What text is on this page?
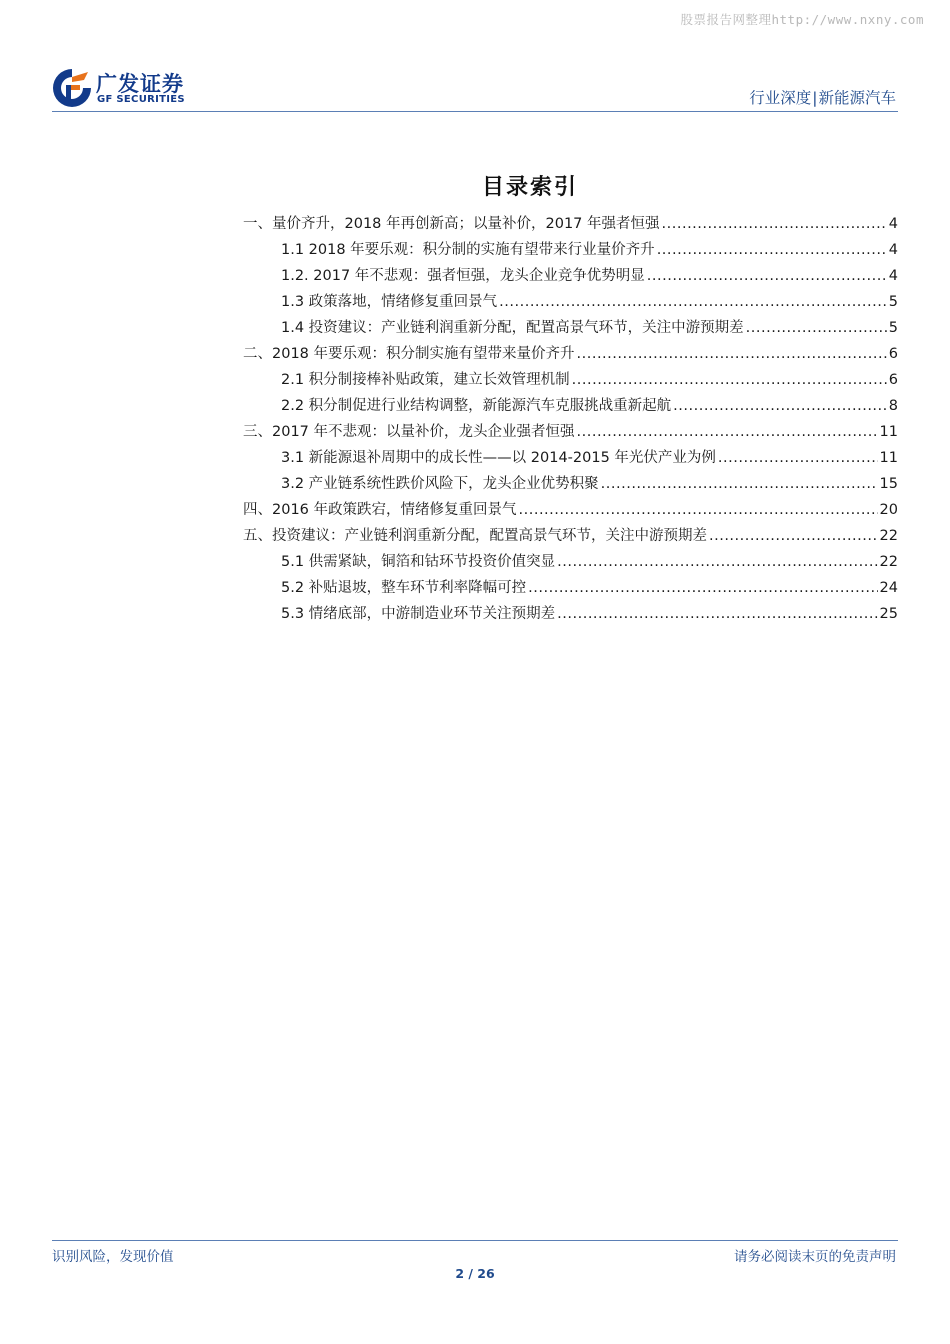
股票报告网整理http://www.nxny.com
广发证券
GF SECURITIES	行业深度|新能源汽车
目录索引
一、量价齐升，2018 年再创新高；以量补价，2017 年强者恒强 .....	4
1.1 2018 年要乐观：积分制的实施有望带来行业量价齐升 .....	4
1.2. 2017 年不悲观：强者恒强，龙头企业竞争优势明显 .....	4
1.3 政策落地，情绪修复重回景气 .....	5
1.4 投资建议：产业链利润重新分配，配置高景气环节，关注中游预期差 .....	5
二、2018 年要乐观：积分制实施有望带来量价齐升 .....	6
2.1 积分制接棒补贴政策，建立长效管理机制 .....	6
2.2 积分制促进行业结构调整，新能源汽车克服挑战重新起航 .....	8
三、2017 年不悲观：以量补价，龙头企业强者恒强 .....	11
3.1 新能源退补周期中的成长性——以 2014-2015 年光伏产业为例 .....	11
3.2 产业链系统性跌价风险下，龙头企业优势积聚 .....	15
四、2016 年政策跌宕，情绪修复重回景气 .....	20
五、投资建议：产业链利润重新分配，配置高景气环节，关注中游预期差 .....	22
5.1 供需紧缺，铜箔和钴环节投资价值突显 .....	22
5.2 补贴退坡，整车环节利率降幅可控 .....	24
5.3 情绪底部，中游制造业环节关注预期差 .....	25
识别风险，发现价值	请务必阅读末页的免责声明
2 / 26
